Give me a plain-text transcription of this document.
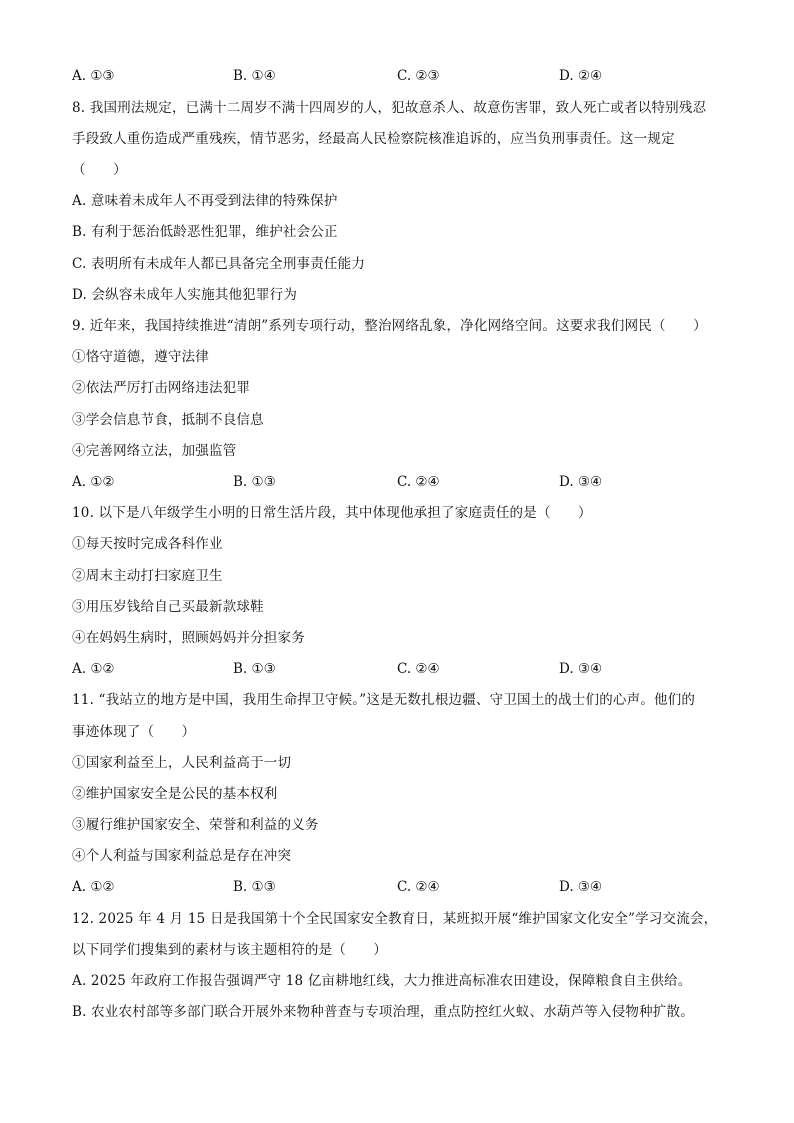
A. ①③	B. ①④	C. ②③	D. ②④
8. 我国刑法规定，已满十二周岁不满十四周岁的人，犯故意杀人、故意伤害罪，致人死亡或者以特别残忍
手段致人重伤造成严重残疾，情节恶劣，经最高人民检察院核准追诉的，应当负刑事责任。这一规定
（　　）
A. 意味着未成年人不再受到法律的特殊保护
B. 有利于惩治低龄恶性犯罪，维护社会公正
C. 表明所有未成年人都已具备完全刑事责任能力
D. 会纵容未成年人实施其他犯罪行为
9. 近年来，我国持续推进“清朗”系列专项行动，整治网络乱象，净化网络空间。这要求我们网民（　　）
①恪守道德，遵守法律
②依法严厉打击网络违法犯罪
③学会信息节食，抵制不良信息
④完善网络立法，加强监管
A. ①②	B. ①③	C. ②④	D. ③④
10. 以下是八年级学生小明的日常生活片段，其中体现他承担了家庭责任的是（　　）
①每天按时完成各科作业
②周末主动打扫家庭卫生
③用压岁钱给自己买最新款球鞋
④在妈妈生病时，照顾妈妈并分担家务
A. ①②	B. ①③	C. ②④	D. ③④
11. “我站立的地方是中国，我用生命捍卫守候。”这是无数扎根边疆、守卫国土的战士们的心声。他们的
事迹体现了（　　）
①国家利益至上，人民利益高于一切
②维护国家安全是公民的基本权利
③履行维护国家安全、荣誉和利益的义务
④个人利益与国家利益总是存在冲突
A. ①②	B. ①③	C. ②④	D. ③④
12. 2025 年 4 月 15 日是我国第十个全民国家安全教育日，某班拟开展“维护国家文化安全”学习交流会，
以下同学们搜集到的素材与该主题相符的是（　　）
A. 2025 年政府工作报告强调严守 18 亿亩耕地红线，大力推进高标准农田建设，保障粮食自主供给。
B. 农业农村部等多部门联合开展外来物种普查与专项治理，重点防控红火蚁、水葫芦等入侵物种扩散。
